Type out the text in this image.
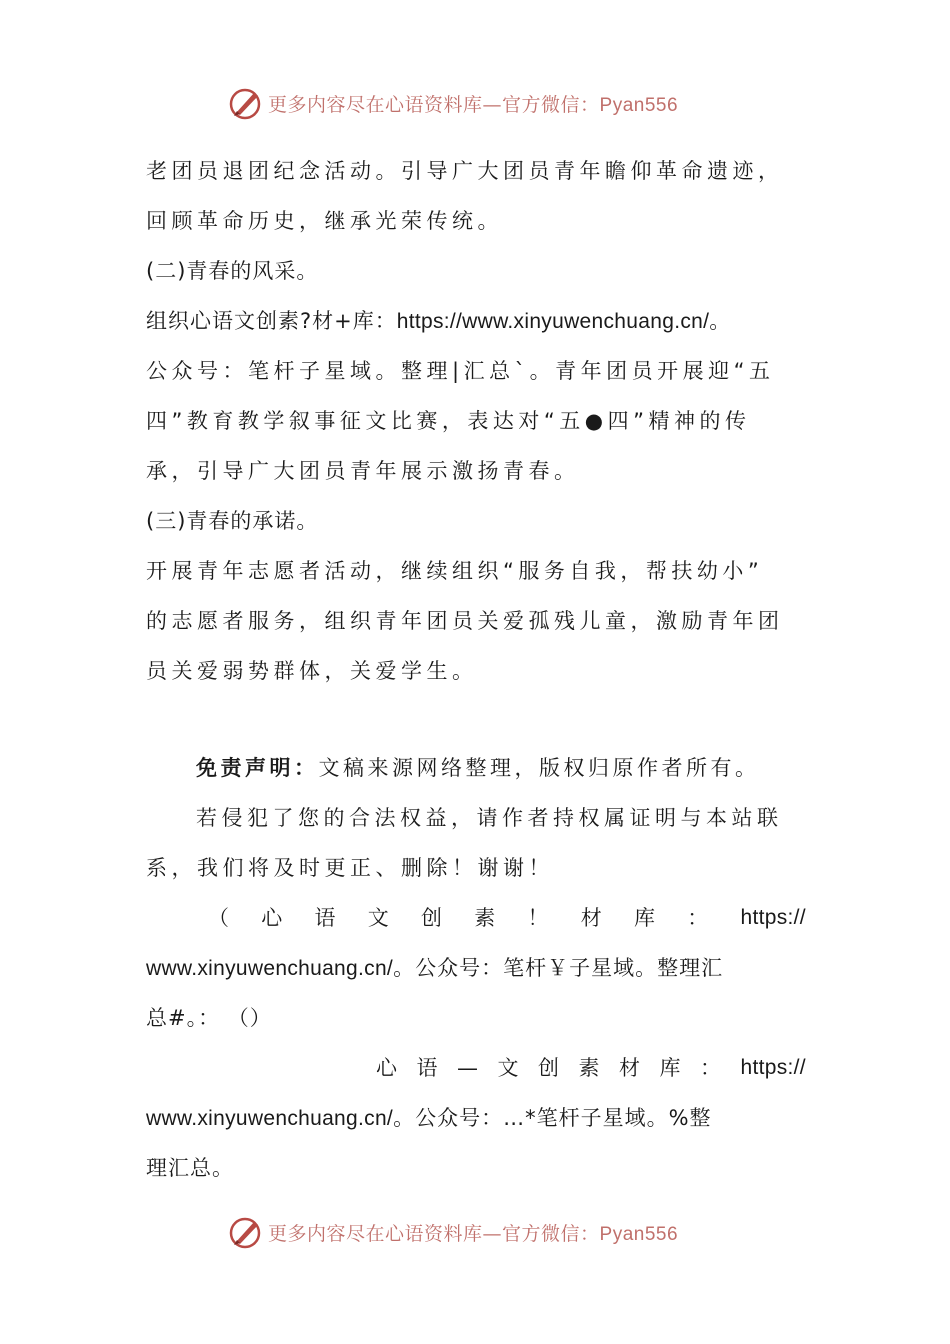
更多内容尽在心语资料库—官方微信：Pyan556
老团员退团纪念活动。引导广大团员青年瞻仰革命遗迹，
回顾革命历史，继承光荣传统。
(二)青春的风采。
组织心语文创素?材+库：https://www.xinyuwenchuang.cn/。
公众号：笔杆子星域。整理|汇总`。青年团员开展迎“五
四”教育教学叙事征文比赛，表达对“五●四”精神的传
承，引导广大团员青年展示激扬青春。
(三)青春的承诺。
开展青年志愿者活动，继续组织“服务自我，帮扶幼小”
的志愿者服务，组织青年团员关爱孤残儿童，激励青年团
员关爱弱势群体，关爱学生。
免责声明：文稿来源网络整理，版权归原作者所有。
若侵犯了您的合法权益，请作者持权属证明与本站联
系，我们将及时更正、删除！谢谢！
（ 心 语 文 创 素 ！ 材 库 ： https://
www.xinyuwenchuang.cn/。公众号：笔杆￥子星域。整理汇
总#。： （）
心 语 — 文 创 素 材 库 ： https://
www.xinyuwenchuang.cn/。公众号：…*笔杆子星域。%整
理汇总。
更多内容尽在心语资料库—官方微信：Pyan556
